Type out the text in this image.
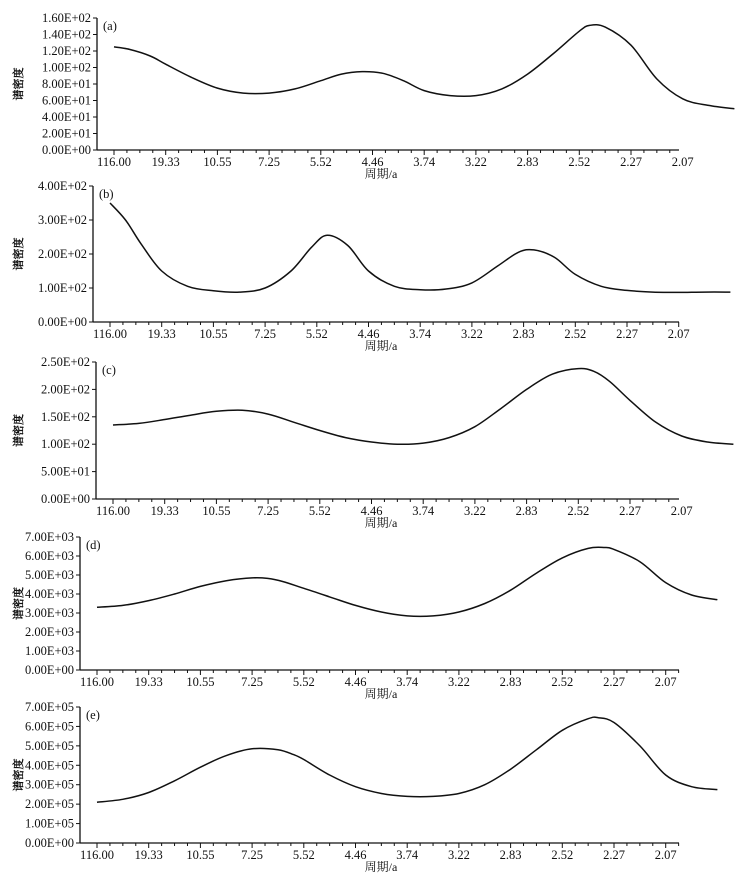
0.00E+00
2.00E+01
4.00E+01
6.00E+01
8.00E+01
1.00E+02
1.20E+02
1.40E+02
1.60E+02
116.00 19.33 10.55 7.25 5.52 4.46 3.74 3.22 2.83 2.52 2.27 2.07
周期/a
谱密度
(a)
0.00E+00
1.00E+02
2.00E+02
3.00E+02
4.00E+02
116.00 19.33 10.55 7.25 5.52 4.46 3.74 3.22 2.83 2.52 2.27 2.07
周期/a
谱密度
(b)
0.00E+00
5.00E+01
1.00E+02
1.50E+02
2.00E+02
2.50E+02
116.00 19.33 10.55 7.25 5.52 4.46 3.74 3.22 2.83 2.52 2.27 2.07
周期/a
谱密度
(c)
0.00E+00
1.00E+03
2.00E+03
3.00E+03
4.00E+03
5.00E+03
6.00E+03
7.00E+03
116.00 19.33 10.55 7.25 5.52 4.46 3.74 3.22 2.83 2.52 2.27 2.07
周期/a
谱密度
(d)
0.00E+00
1.00E+05
2.00E+05
3.00E+05
4.00E+05
5.00E+05
6.00E+05
7.00E+05
116.00 19.33 10.55 7.25 5.52 4.46 3.74 3.22 2.83 2.52 2.27 2.07
周期/a
谱密度
(e)
